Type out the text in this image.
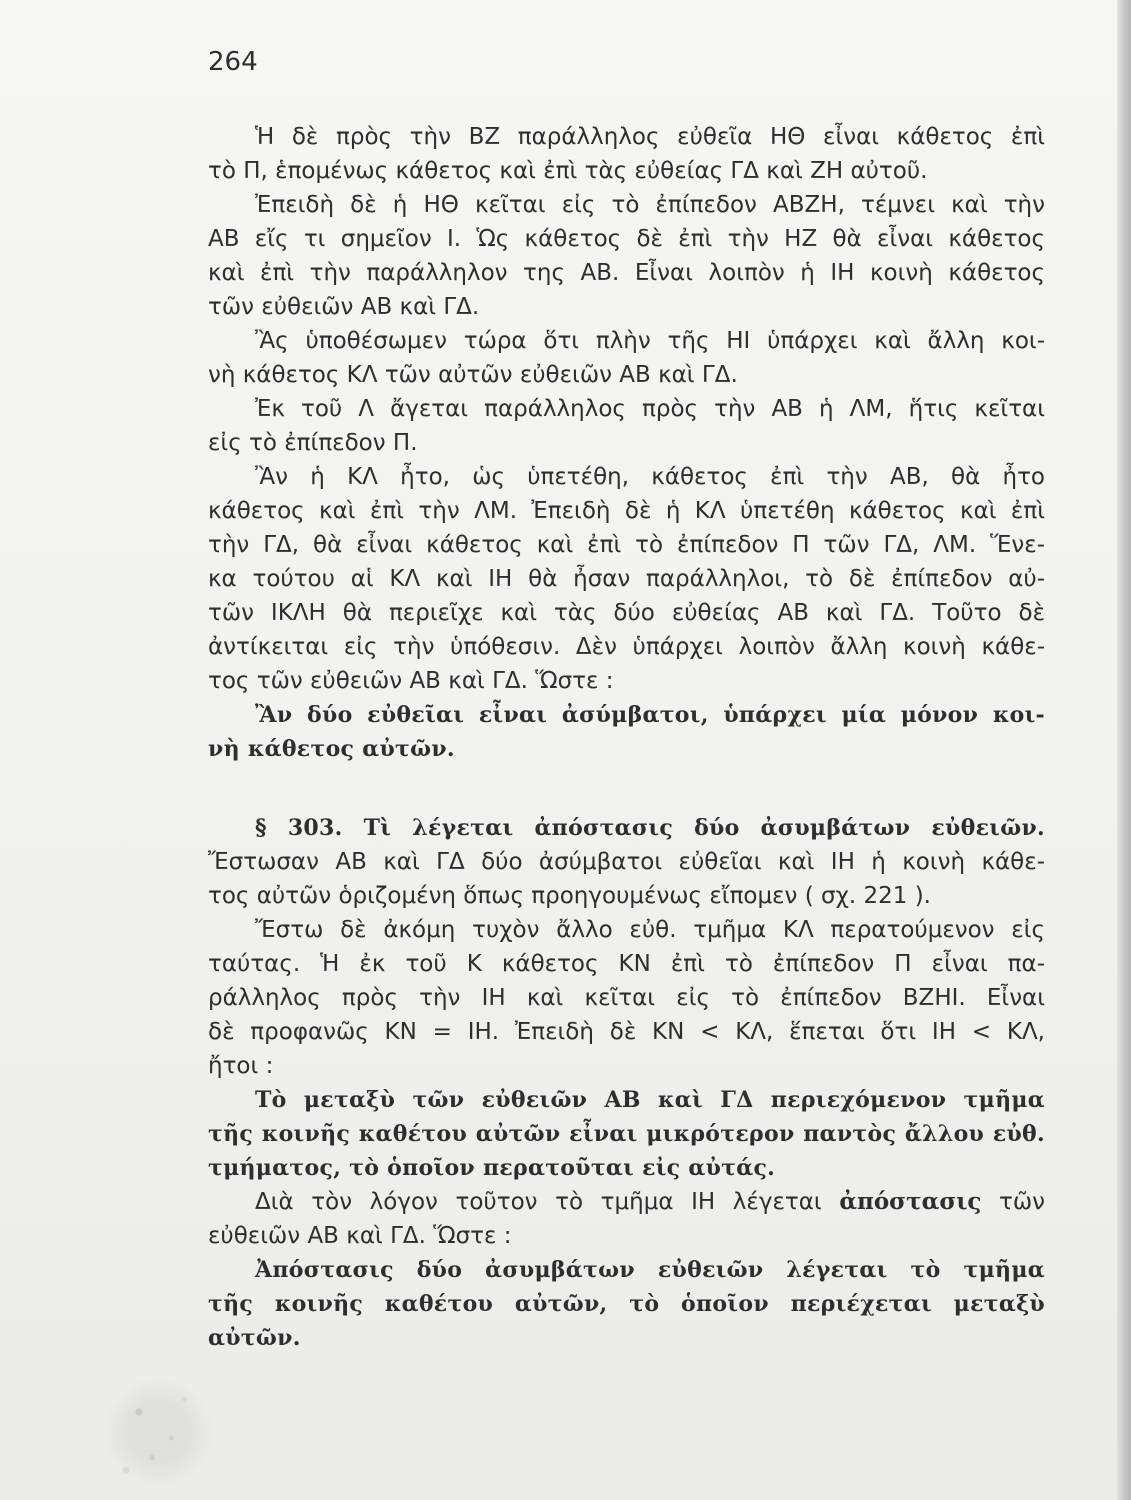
264
Ἡ δὲ πρὸς τὴν ΒΖ παράλληλος εὐθεῖα ΗΘ εἶναι κάθετος ἐπὶ
τὸ Π, ἑπομένως κάθετος καὶ ἐπὶ τὰς εὐθείας ΓΔ καὶ ΖΗ αὐτοῦ.
Ἐπειδὴ δὲ ἡ ΗΘ κεῖται εἰς τὸ ἐπίπεδον ΑΒΖΗ, τέμνει καὶ τὴν
ΑΒ εἴς τι σημεῖον Ι. Ὡς κάθετος δὲ ἐπὶ τὴν ΗΖ θὰ εἶναι κάθετος
καὶ ἐπὶ τὴν παράλληλον της ΑΒ. Εἶναι λοιπὸν ἡ ΙΗ κοινὴ κάθετος
τῶν εὐθειῶν ΑΒ καὶ ΓΔ.
Ἂς ὑποθέσωμεν τώρα ὅτι πλὴν τῆς ΗΙ ὑπάρχει καὶ ἄλλη κοι-
νὴ κάθετος ΚΛ τῶν αὐτῶν εὐθειῶν ΑΒ καὶ ΓΔ.
Ἐκ τοῦ Λ ἄγεται παράλληλος πρὸς τὴν ΑΒ ἡ ΛΜ, ἥτις κεῖται
εἰς τὸ ἐπίπεδον Π.
Ἂν ἡ ΚΛ ἦτο, ὡς ὑπετέθη, κάθετος ἐπὶ τὴν ΑΒ, θὰ ἦτο
κάθετος καὶ ἐπὶ τὴν ΛΜ. Ἐπειδὴ δὲ ἡ ΚΛ ὑπετέθη κάθετος καὶ ἐπὶ
τὴν ΓΔ, θὰ εἶναι κάθετος καὶ ἐπὶ τὸ ἐπίπεδον Π τῶν ΓΔ, ΛΜ. Ἕνε-
κα τούτου αἱ ΚΛ καὶ ΙΗ θὰ ἦσαν παράλληλοι, τὸ δὲ ἐπίπεδον αὐ-
τῶν ΙΚΛΗ θὰ περιεῖχε καὶ τὰς δύο εὐθείας ΑΒ καὶ ΓΔ. Τοῦτο δὲ
ἀντίκειται εἰς τὴν ὑπόθεσιν. Δὲν ὑπάρχει λοιπὸν ἄλλη κοινὴ κάθε-
τος τῶν εὐθειῶν ΑΒ καὶ ΓΔ. Ὥστε :
Ἂν δύο εὐθεῖαι εἶναι ἀσύμβατοι, ὑπάρχει μία μόνον κοι-
νὴ κάθετος αὐτῶν.
§ 303. Τὶ λέγεται ἀπόστασις δύο ἀσυμβάτων εὐθειῶν.
Ἔστωσαν ΑΒ καὶ ΓΔ δύο ἀσύμβατοι εὐθεῖαι καὶ ΙΗ ἡ κοινὴ κάθε-
τος αὐτῶν ὁριζομένη ὅπως προηγουμένως εἴπομεν ( σχ. 221 ).
Ἔστω δὲ ἀκόμη τυχὸν ἄλλο εὐθ. τμῆμα ΚΛ περατούμενον εἰς
ταύτας. Ἡ ἐκ τοῦ Κ κάθετος ΚΝ ἐπὶ τὸ ἐπίπεδον Π εἶναι πα-
ράλληλος πρὸς τὴν ΙΗ καὶ κεῖται εἰς τὸ ἐπίπεδον ΒΖΗΙ. Εἶναι
δὲ προφανῶς ΚΝ = ΙΗ. Ἐπειδὴ δὲ ΚΝ < ΚΛ, ἕπεται ὅτι ΙΗ < ΚΛ,
ἤτοι :
Τὸ μεταξὺ τῶν εὐθειῶν ΑΒ καὶ ΓΔ περιεχόμενον τμῆμα
τῆς κοινῆς καθέτου αὐτῶν εἶναι μικρότερον παντὸς ἄλλου εὐθ.
τμήματος, τὸ ὁποῖον περατοῦται εἰς αὐτάς.
Διὰ τὸν λόγον τοῦτον τὸ τμῆμα ΙΗ λέγεται ἀπόστασις τῶν
εὐθειῶν ΑΒ καὶ ΓΔ. Ὥστε :
Ἀπόστασις δύο ἀσυμβάτων εὐθειῶν λέγεται τὸ τμῆμα
τῆς κοινῆς καθέτου αὐτῶν, τὸ ὁποῖον περιέχεται μεταξὺ
αὐτῶν.
